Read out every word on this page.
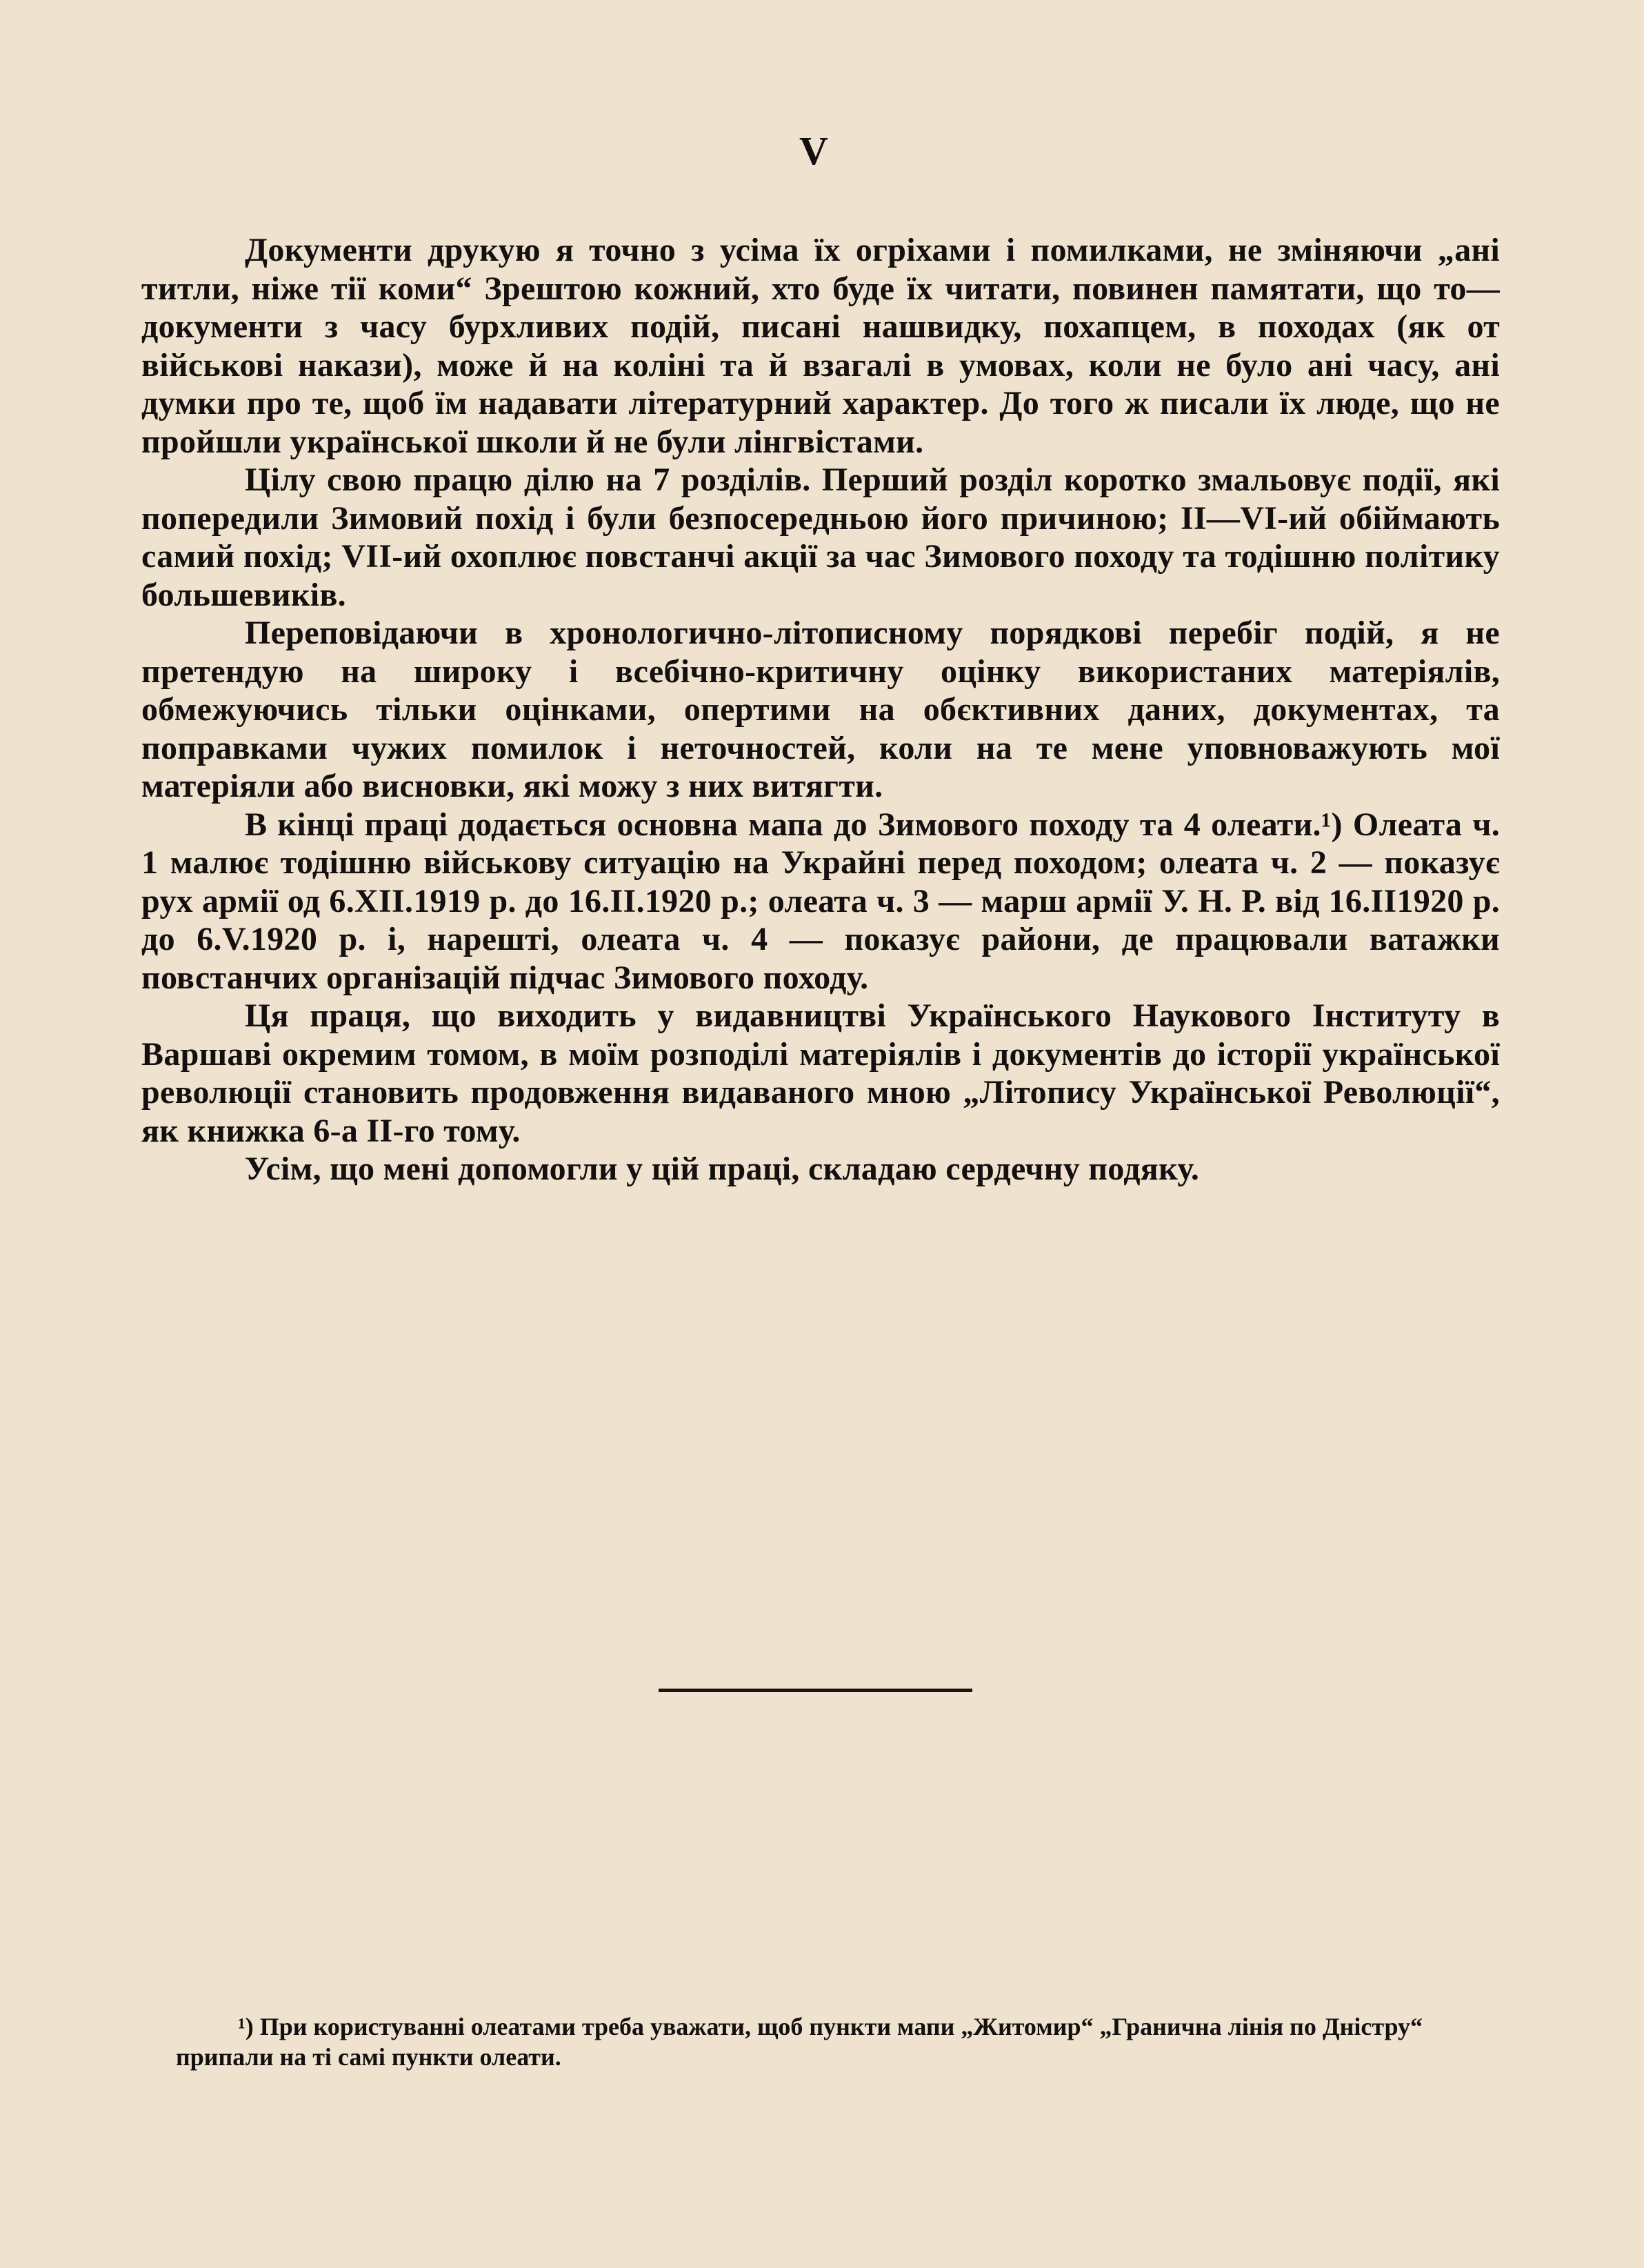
V

Документи друкую я точно з усіма їх огріхами і помилками, не зміняючи „ані титли, ніже тії коми“ Зрештою кожний, хто буде їх читати, повинен памятати, що то—документи з часу бурхливих подій, писані нашвидку, похапцем, в походах (як от військові накази), може й на коліні та й взагалі в умовах, коли не було ані часу, ані думки про те, щоб їм надавати літературний характер. До того ж писали їх люде, що не пройшли української школи й не були лінгвістами.

Цілу свою працю ділю на 7 розділів. Перший розділ коротко змальовує події, які попередили Зимовий похід і були безпосередньою його причиною; II—VI-ий обіймають самий похід; VII-ий охоплює повстанчі акції за час Зимового походу та тодішню політику большевиків.

Переповідаючи в хронологично-літописному порядкові перебіг подій, я не претендую на широку і всебічно-критичну оцінку використаних матеріялів, обмежуючись тільки оцінками, опертими на обєктивних даних, документах, та поправками чужих помилок і неточностей, коли на те мене уповноважують мої матеріяли або висновки, які можу з них витягти.

В кінці праці додається основна мапа до Зимового походу та 4 олеати.¹) Олеата ч. 1 малює тодішню військову ситуацію на Украйні перед походом; олеата ч. 2 — показує рух армії од 6.XII.1919 р. до 16.II.1920 р.; олеата ч. 3 — марш армії У. Н. Р. від 16.II1920 р. до 6.V.1920 р. і, нарешті, олеата ч. 4 — показує райони, де працювали ватажки повстанчих організацій підчас Зимового походу.

Ця праця, що виходить у видавництві Українського Наукового Інституту в Варшаві окремим томом, в моїм розподілі матеріялів і документів до історії української революції становить продовження видаваного мною „Літопису Української Революції“, як книжка 6-а II-го тому.

Усім, що мені допомогли у цій праці, складаю сердечну подяку.

¹) При користуванні олеатами треба уважати, щоб пункти мапи „Житомир“ „Гранична лінія по Дністру“ припали на ті самі пункти олеати.
